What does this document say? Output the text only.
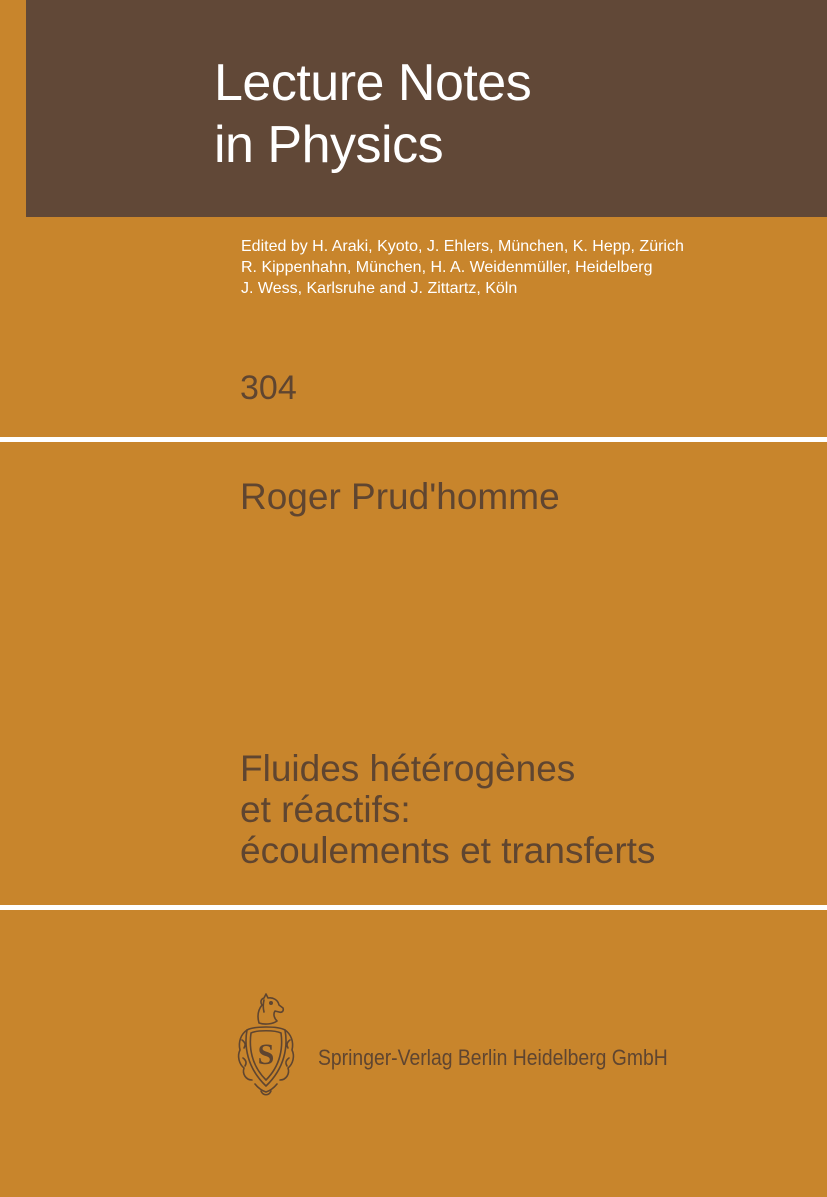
Lecture Notes
in Physics
Edited by H. Araki, Kyoto, J. Ehlers, München, K. Hepp, Zürich
R. Kippenhahn, München, H. A. Weidenmüller, Heidelberg
J. Wess, Karlsruhe and J. Zittartz, Köln
304
Roger Prud'homme
Fluides hétérogènes
et réactifs:
écoulements et transferts
S Springer-Verlag Berlin Heidelberg GmbH
